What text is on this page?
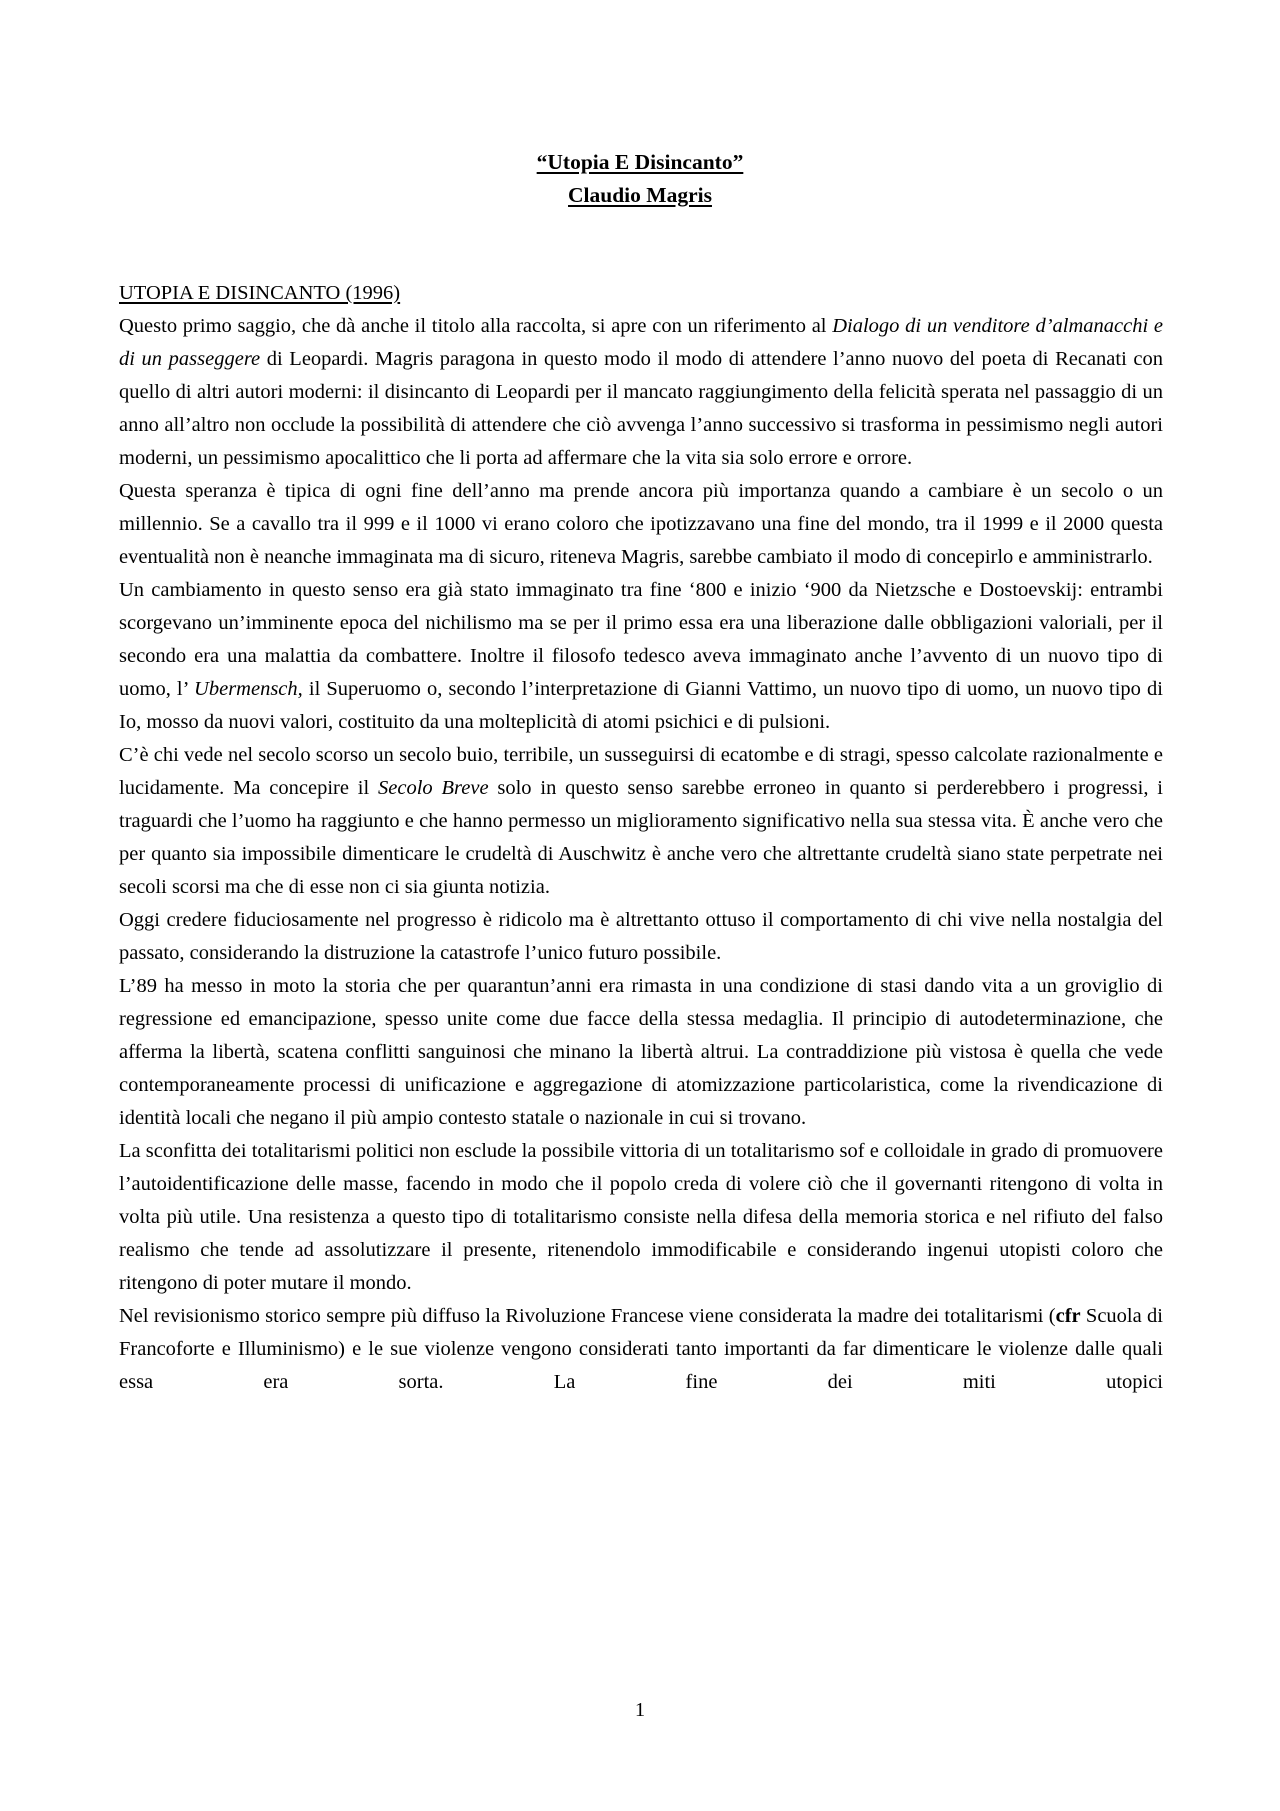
“Utopia E Disincanto”
Claudio Magris
UTOPIA E DISINCANTO (1996)

Questo primo saggio, che dà anche il titolo alla raccolta, si apre con un riferimento al Dialogo di un venditore d’almanacchi e di un passeggere di Leopardi. Magris paragona in questo modo il modo di attendere l’anno nuovo del poeta di Recanati con quello di altri autori moderni: il disincanto di Leopardi per il mancato raggiungimento della felicità sperata nel passaggio di un anno all’altro non occlude la possibilità di attendere che ciò avvenga l’anno successivo si trasforma in pessimismo negli autori moderni, un pessimismo apocalittico che li porta ad affermare che la vita sia solo errore e orrore.

Questa speranza è tipica di ogni fine dell’anno ma prende ancora più importanza quando a cambiare è un secolo o un millennio. Se a cavallo tra il 999 e il 1000 vi erano coloro che ipotizzavano una fine del mondo, tra il 1999 e il 2000 questa eventualità non è neanche immaginata ma di sicuro, riteneva Magris, sarebbe cambiato il modo di concepirlo e amministrarlo.

Un cambiamento in questo senso era già stato immaginato tra fine ‘800 e inizio ‘900 da Nietzsche e Dostoevskij: entrambi scorgevano un’imminente epoca del nichilismo ma se per il primo essa era una liberazione dalle obbligazioni valoriali, per il secondo era una malattia da combattere. Inoltre il filosofo tedesco aveva immaginato anche l’avvento di un nuovo tipo di uomo, l’ Ubermensch, il Superuomo o, secondo l’interpretazione di Gianni Vattimo, un nuovo tipo di uomo, un nuovo tipo di Io, mosso da nuovi valori, costituito da una molteplicità di atomi psichici e di pulsioni.

C’è chi vede nel secolo scorso un secolo buio, terribile, un susseguirsi di ecatombe e di stragi, spesso calcolate razionalmente e lucidamente. Ma concepire il Secolo Breve solo in questo senso sarebbe erroneo in quanto si perderebbero i progressi, i traguardi che l’uomo ha raggiunto e che hanno permesso un miglioramento significativo nella sua stessa vita. È anche vero che per quanto sia impossibile dimenticare le crudeltà di Auschwitz è anche vero che altrettante crudeltà siano state perpetrate nei secoli scorsi ma che di esse non ci sia giunta notizia.

Oggi credere fiduciosamente nel progresso è ridicolo ma è altrettanto ottuso il comportamento di chi vive nella nostalgia del passato, considerando la distruzione la catastrofe l’unico futuro possibile.

L’89 ha messo in moto la storia che per quarantun’anni era rimasta in una condizione di stasi dando vita a un groviglio di regressione ed emancipazione, spesso unite come due facce della stessa medaglia. Il principio di autodeterminazione, che afferma la libertà, scatena conflitti sanguinosi che minano la libertà altrui. La contraddizione più vistosa è quella che vede contemporaneamente processi di unificazione e aggregazione di atomizzazione particolaristica, come la rivendicazione di identità locali che negano il più ampio contesto statale o nazionale in cui si trovano.

La sconfitta dei totalitarismi politici non esclude la possibile vittoria di un totalitarismo sof e colloidale in grado di promuovere l’autoidentificazione delle masse, facendo in modo che il popolo creda di volere ciò che il governanti ritengono di volta in volta più utile. Una resistenza a questo tipo di totalitarismo consiste nella difesa della memoria storica e nel rifiuto del falso realismo che tende ad assolutizzare il presente, ritenendolo immodificabile e considerando ingenui utopisti coloro che ritengono di poter mutare il mondo.

Nel revisionismo storico sempre più diffuso la Rivoluzione Francese viene considerata la madre dei totalitarismi (cfr Scuola di Francoforte e Illuminismo) e le sue violenze vengono considerati tanto importanti da far dimenticare le violenze dalle quali essa era sorta. La fine dei miti utopici

1
